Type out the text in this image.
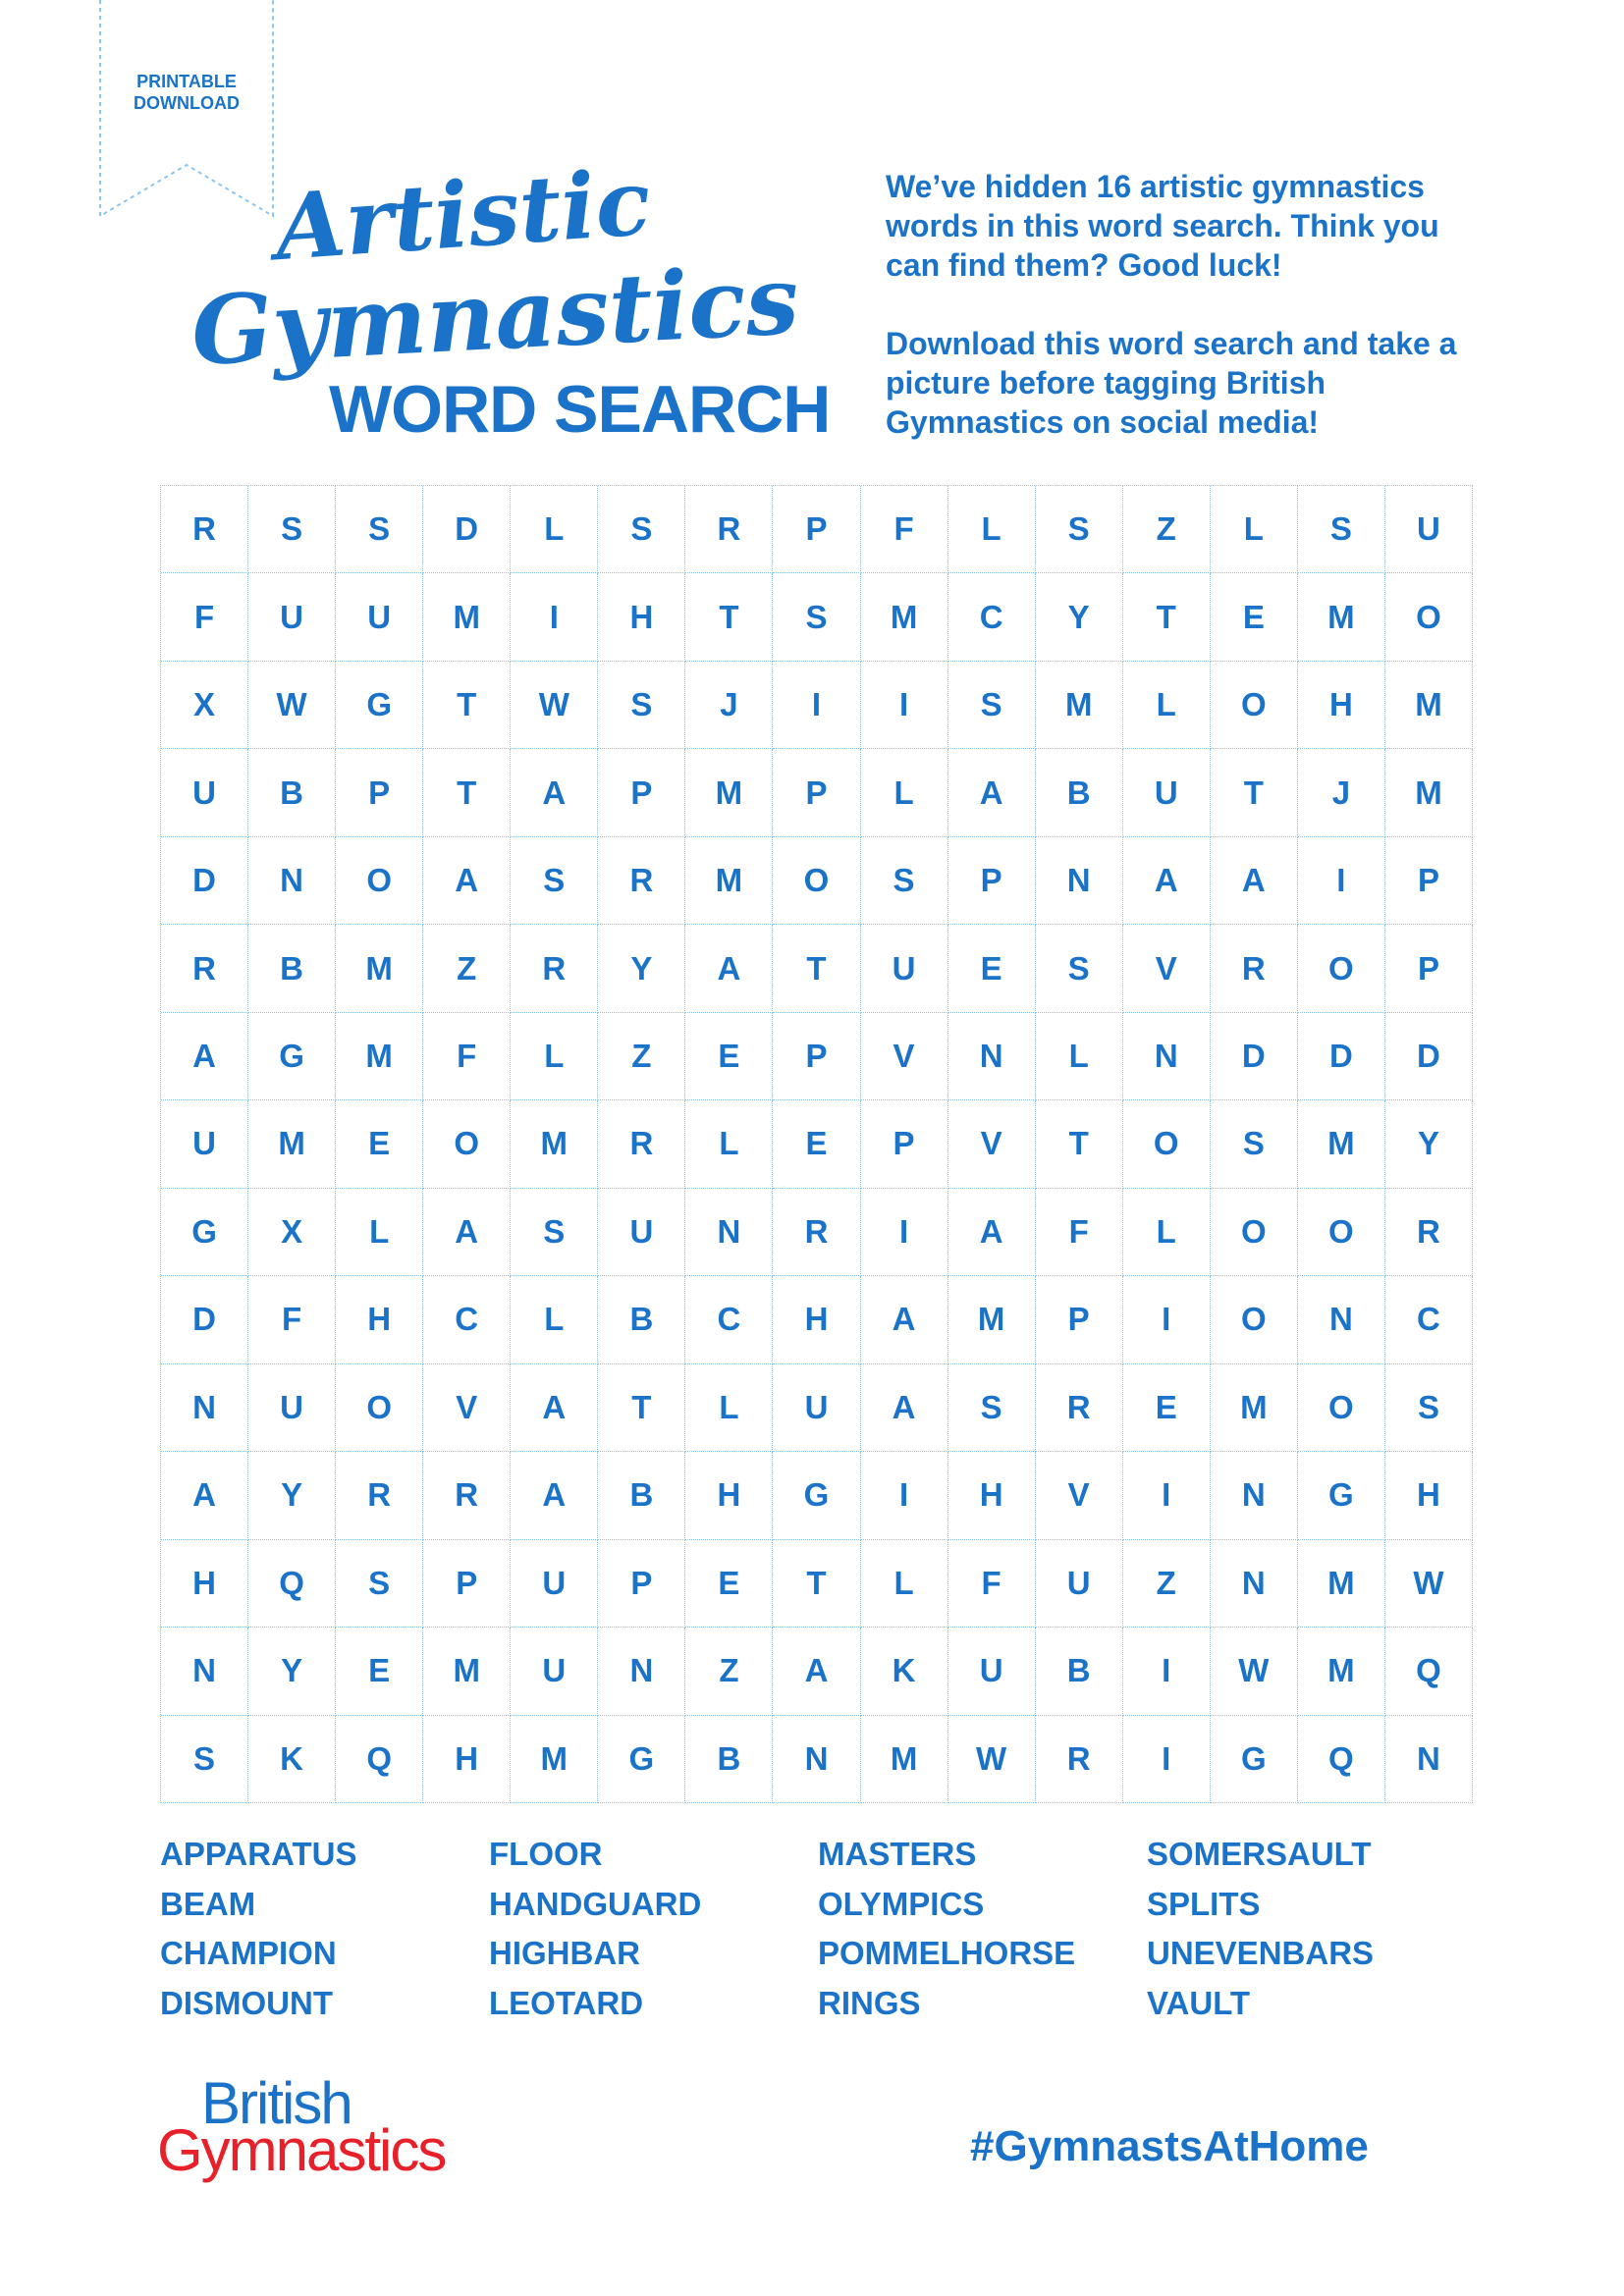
PRINTABLE
DOWNLOAD
Artistic
Gymnastics
WORD SEARCH
We’ve hidden 16 artistic gymnastics words in this word search. Think you can find them? Good luck!
Download this word search and take a picture before tagging British Gymnastics on social media!
R	S	S	D	L	S	R	P	F	L	S	Z	L	S	U
F	U	U	M	I	H	T	S	M	C	Y	T	E	M	O
X	W	G	T	W	S	J	I	I	S	M	L	O	H	M
U	B	P	T	A	P	M	P	L	A	B	U	T	J	M
D	N	O	A	S	R	M	O	S	P	N	A	A	I	P
R	B	M	Z	R	Y	A	T	U	E	S	V	R	O	P
A	G	M	F	L	Z	E	P	V	N	L	N	D	D	D
U	M	E	O	M	R	L	E	P	V	T	O	S	M	Y
G	X	L	A	S	U	N	R	I	A	F	L	O	O	R
D	F	H	C	L	B	C	H	A	M	P	I	O	N	C
N	U	O	V	A	T	L	U	A	S	R	E	M	O	S
A	Y	R	R	A	B	H	G	I	H	V	I	N	G	H
H	Q	S	P	U	P	E	T	L	F	U	Z	N	M	W
N	Y	E	M	U	N	Z	A	K	U	B	I	W	M	Q
S	K	Q	H	M	G	B	N	M	W	R	I	G	Q	N
APPARATUS
BEAM
CHAMPION
DISMOUNT
FLOOR
HANDGUARD
HIGHBAR
LEOTARD
MASTERS
OLYMPICS
POMMELHORSE
RINGS
SOMERSAULT
SPLITS
UNEVENBARS
VAULT
British
Gymnastics	#GymnastsAtHome
